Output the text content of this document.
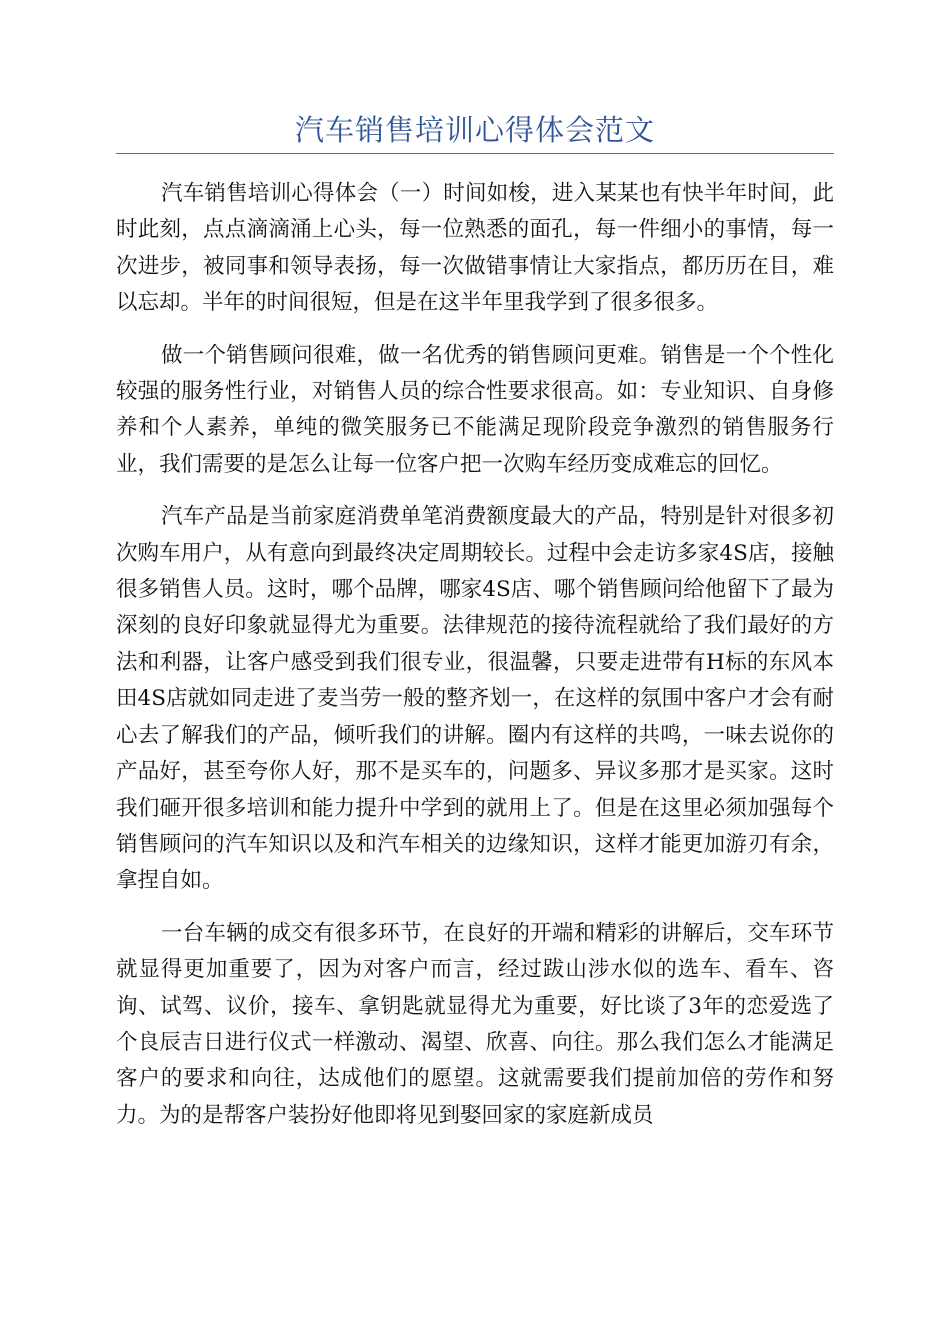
汽车销售培训心得体会范文

汽车销售培训心得体会（一）时间如梭，进入某某也有快半年时间，此时此刻，点点滴滴涌上心头，每一位熟悉的面孔，每一件细小的事情，每一次进步，被同事和领导表扬，每一次做错事情让大家指点，都历历在目，难以忘却。半年的时间很短，但是在这半年里我学到了很多很多。

做一个销售顾问很难，做一名优秀的销售顾问更难。销售是一个个性化较强的服务性行业，对销售人员的综合性要求很高。如：专业知识、自身修养和个人素养，单纯的微笑服务已不能满足现阶段竞争激烈的销售服务行业，我们需要的是怎么让每一位客户把一次购车经历变成难忘的回忆。

汽车产品是当前家庭消费单笔消费额度最大的产品，特别是针对很多初次购车用户，从有意向到最终决定周期较长。过程中会走访多家4S店，接触很多销售人员。这时，哪个品牌，哪家4S店、哪个销售顾问给他留下了最为深刻的良好印象就显得尤为重要。法律规范的接待流程就给了我们最好的方法和利器，让客户感受到我们很专业，很温馨，只要走进带有H标的东风本田4S店就如同走进了麦当劳一般的整齐划一，在这样的氛围中客户才会有耐心去了解我们的产品，倾听我们的讲解。圈内有这样的共鸣，一味去说你的产品好，甚至夸你人好，那不是买车的，问题多、异议多那才是买家。这时我们砸开很多培训和能力提升中学到的就用上了。但是在这里必须加强每个销售顾问的汽车知识以及和汽车相关的边缘知识，这样才能更加游刃有余，拿捏自如。

一台车辆的成交有很多环节，在良好的开端和精彩的讲解后，交车环节就显得更加重要了，因为对客户而言，经过跋山涉水似的选车、看车、咨询、试驾、议价，接车、拿钥匙就显得尤为重要，好比谈了3年的恋爱选了个良辰吉日进行仪式一样激动、渴望、欣喜、向往。那么我们怎么才能满足客户的要求和向往，达成他们的愿望。这就需要我们提前加倍的劳作和努力。为的是帮客户装扮好他即将见到娶回家的家庭新成员
